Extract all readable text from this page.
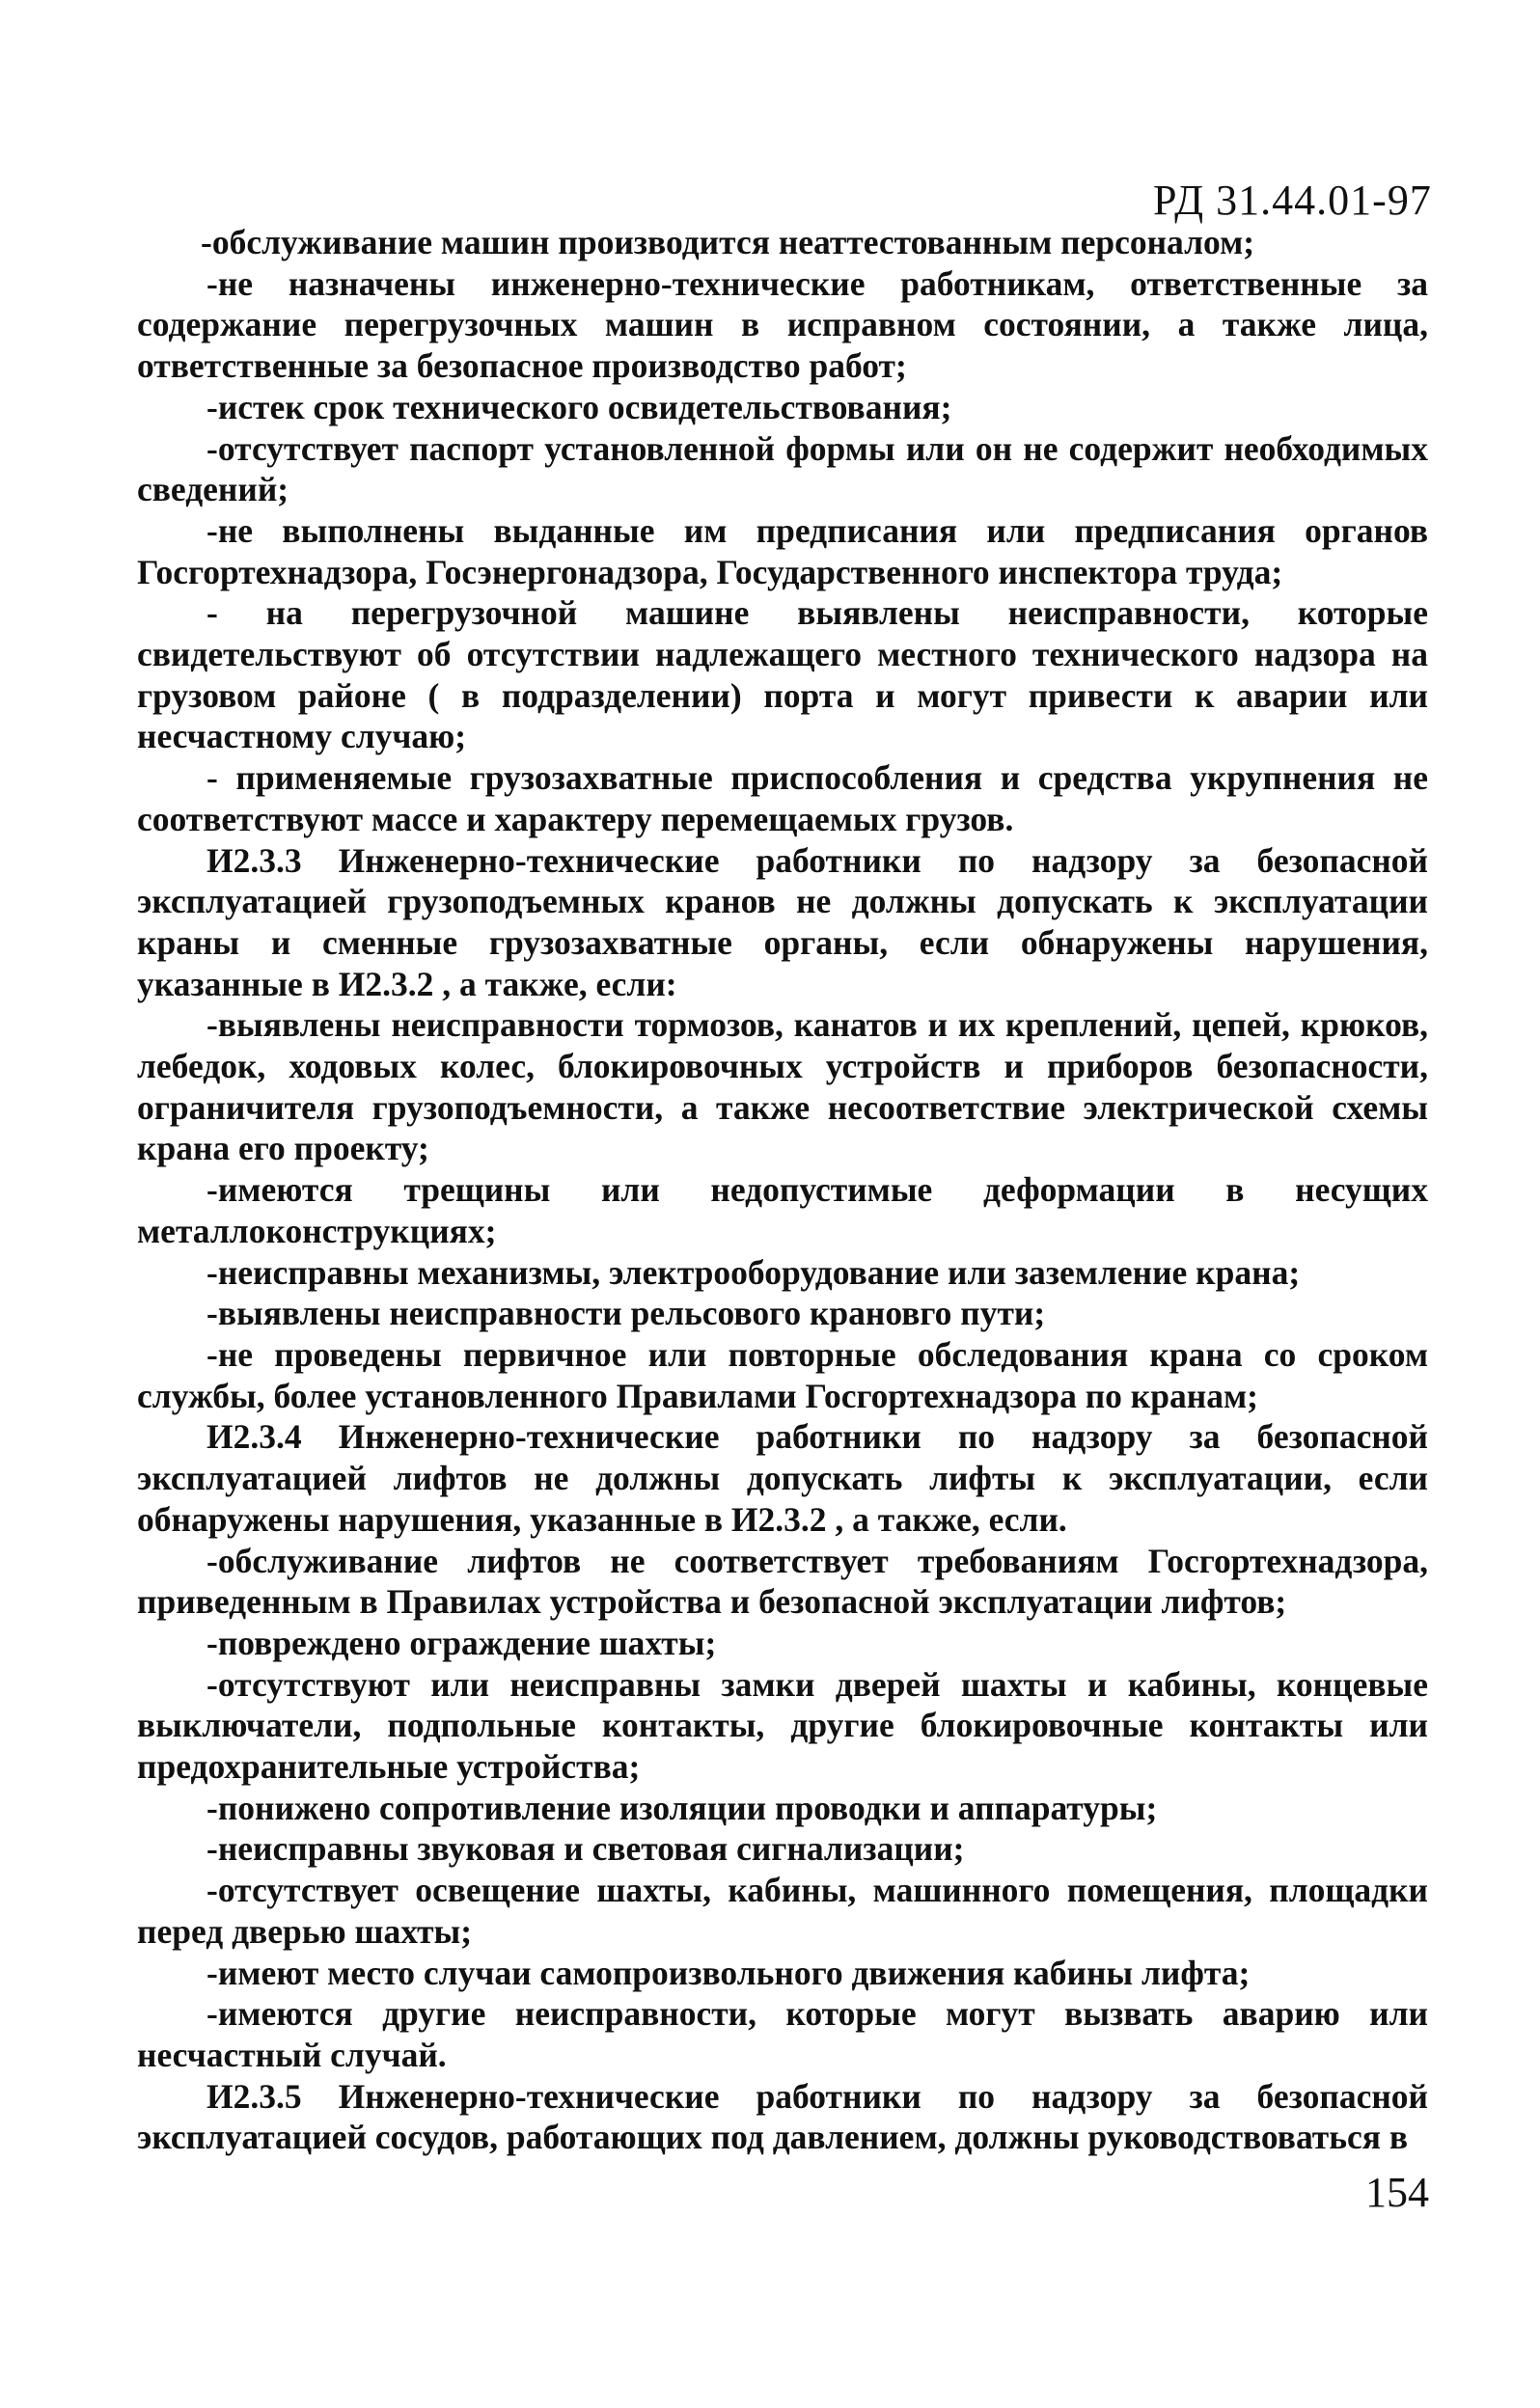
РД 31.44.01-97

-обслуживание машин производится неаттестованным персоналом;

-не назначены инженерно-технические работникам, ответственные за содержание перегрузочных машин в исправном состоянии, а также лица, ответственные за безопасное производство работ;

-истек срок технического освидетельствования;

-отсутствует паспорт установленной формы или он не содержит необходимых сведений;

-не выполнены выданные им предписания или предписания органов Госгортехнадзора, Госэнергонадзора, Государственного инспектора труда;

- на перегрузочной машине выявлены неисправности, которые свидетельствуют об отсутствии надлежащего местного технического надзора на грузовом районе ( в подразделении) порта и могут привести к аварии или несчастному случаю;

- применяемые грузозахватные приспособления и средства укрупнения не соответствуют массе и характеру перемещаемых грузов.

И2.3.3 Инженерно-технические работники по надзору за безопасной эксплуатацией грузоподъемных кранов не должны допускать к эксплуатации краны и сменные грузозахватные органы, если обнаружены нарушения, указанные в И2.3.2 , а также, если:

-выявлены неисправности тормозов, канатов и их креплений, цепей, крюков, лебедок, ходовых колес, блокировочных устройств и приборов безопасности, ограничителя грузоподъемности, а также несоответствие электрической схемы крана его проекту;

-имеются трещины или недопустимые деформации в несущих металлоконструкциях;

-неисправны механизмы, электрооборудование или заземление крана;

-выявлены неисправности рельсового крановго пути;

-не проведены первичное или повторные обследования крана со сроком службы, более установленного Правилами Госгортехнадзора по кранам;

И2.3.4 Инженерно-технические работники по надзору за безопасной эксплуатацией лифтов не должны допускать лифты к эксплуатации, если обнаружены нарушения, указанные в И2.3.2 , а также, если.

-обслуживание лифтов не соответствует требованиям Госгортехнадзора, приведенным в Правилах устройства и безопасной эксплуатации лифтов;

-повреждено ограждение шахты;

-отсутствуют или неисправны замки дверей шахты и кабины, концевые выключатели, подпольные контакты, другие блокировочные контакты или предохранительные устройства;

-понижено сопротивление изоляции проводки и аппаратуры;

-неисправны звуковая и световая сигнализации;

-отсутствует освещение шахты, кабины, машинного помещения, площадки перед дверью шахты;

-имеют место случаи самопроизвольного движения кабины лифта;

-имеются другие неисправности, которые могут вызвать аварию или несчастный случай.

И2.3.5 Инженерно-технические работники по надзору за безопасной эксплуатацией сосудов, работающих под давлением, должны руководствоваться в

154
